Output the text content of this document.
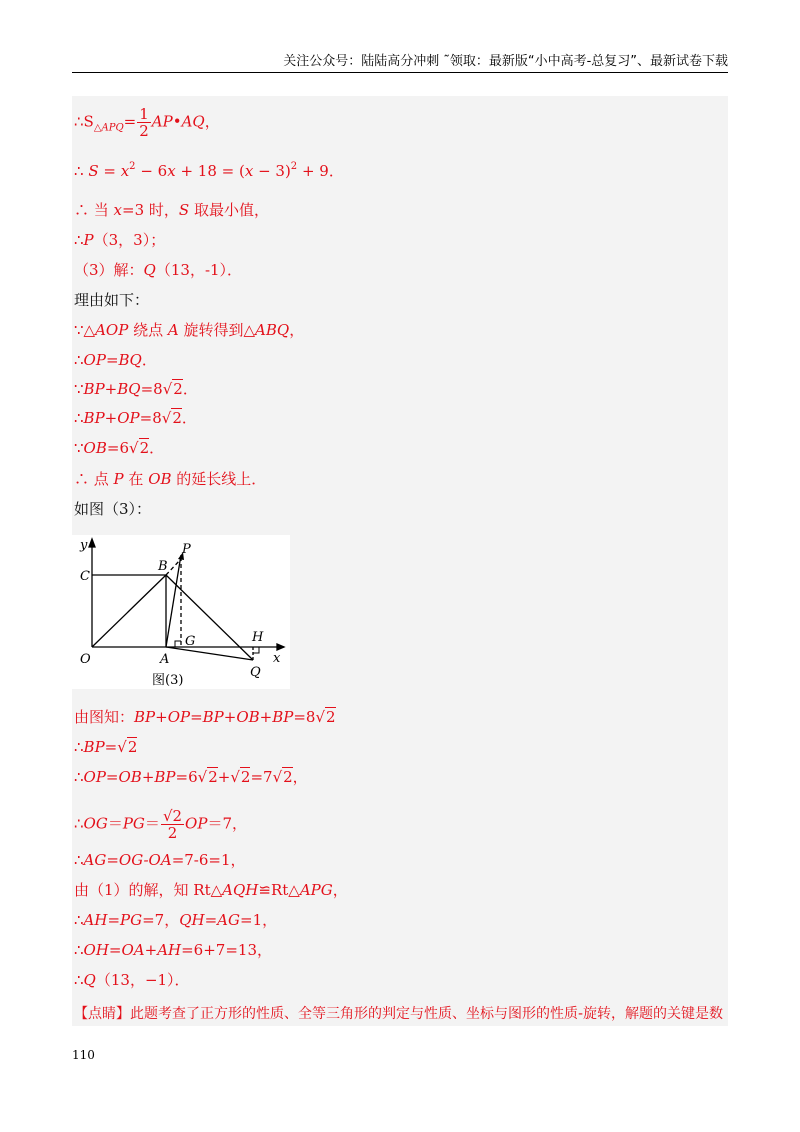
关注公众号：陆陆高分冲刺 ˜领取：最新版“小中高考-总复习”、最新试卷下载
$\therefore S_{\triangle APQ}= \frac{1}{2}$ AP•AQ，
∴ $S = x^2 - 6x + 18 = (x - 3)^2 + 9$．
∴ 当 x=3 时，S 取最小值，
∴P（3，3）；
（3）解：Q（13，-1）．
理由如下：
∵△AOP 绕点 A 旋转得到△ABQ，
∴OP=BQ．
∵BP+BQ=8√2．
∴BP+OP=8√2．
∵OB=6√2．
∴ 点 P 在 OB 的延长线上．
如图（3）：
y
x
C
B
P
O	A
G	H
Q
图(3)
由图知：BP+OP=BP+OB+BP=8√2
∴BP=√2
∴OP=OB+BP=6√2+√2=7√2，
∴OG＝PG＝ $\frac{√2}{2} OP=7$，
∴AG=OG-OA=7-6=1，
由（1）的解，知 Rt△AQH≌Rt△APG，
∴AH=PG=7，QH=AG=1，
∴OH=OA+AH=6+7=13，
∴Q（13，−1）．
【点睛】此题考查了正方形的性质、全等三角形的判定与性质、坐标与图形的性质-旋转，解题的关键是数
110
